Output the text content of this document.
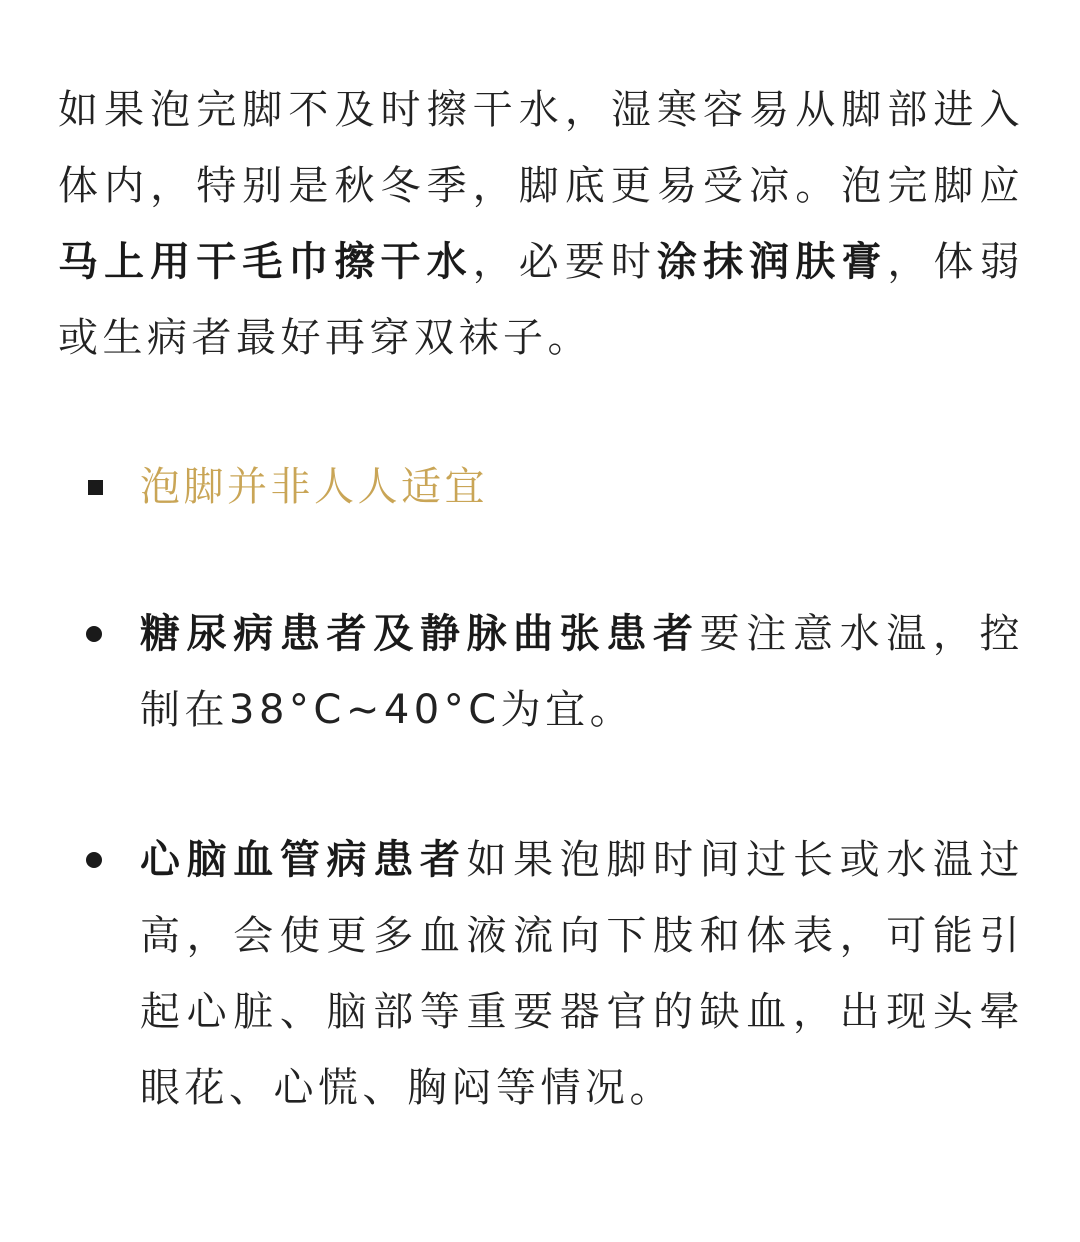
如果泡完脚不及时擦干水，湿寒容易从脚部进入体内，特别是秋冬季，脚底更易受凉。泡完脚应马上用干毛巾擦干水，必要时涂抹润肤膏，体弱或生病者最好再穿双袜子。

泡脚并非人人适宜
糖尿病患者及静脉曲张患者要注意水温，控制在38°C~40°C为宜。
心脑血管病患者如果泡脚时间过长或水温过高，会使更多血液流向下肢和体表，可能引起心脏、脑部等重要器官的缺血，出现头晕眼花、心慌、胸闷等情况。
